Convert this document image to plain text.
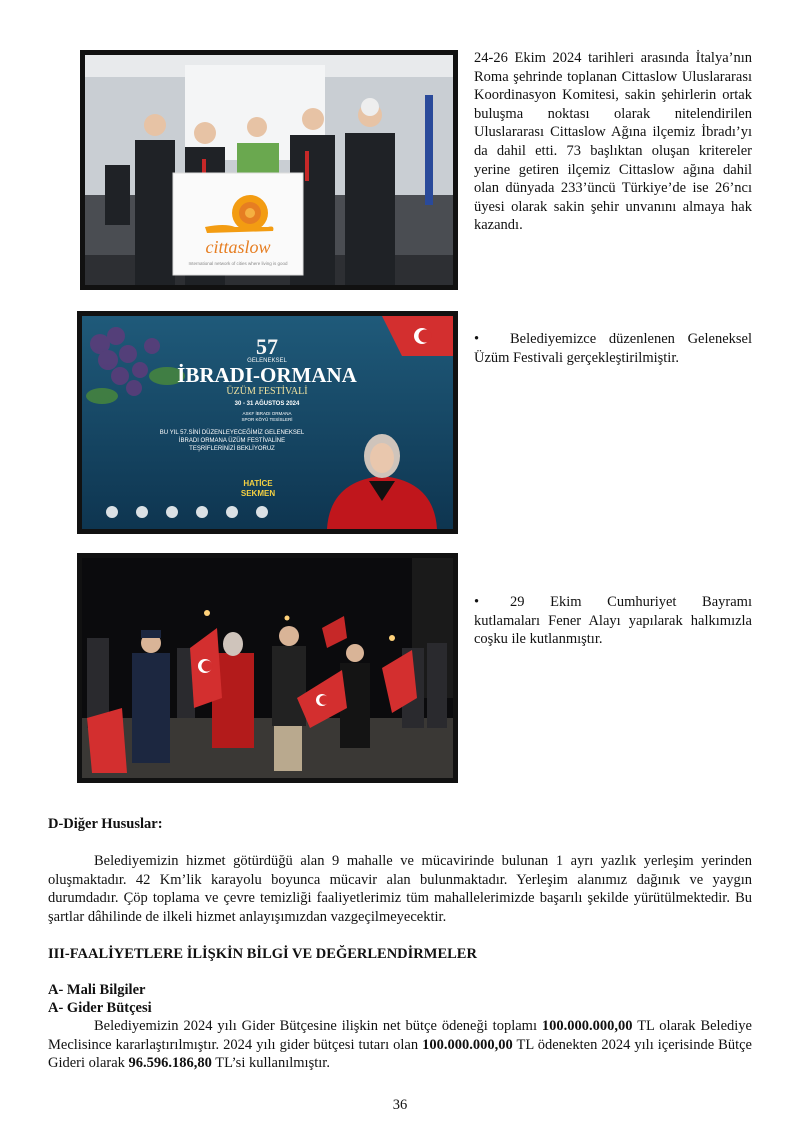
cittaslow
International network of cities where living is good
24-26 Ekim 2024 tarihleri arasında İtalya’nın Roma şehrinde toplanan Cittaslow Uluslararası Koordinasyon Komitesi, sakin şehirlerin ortak buluşma noktası olarak nitelendirilen Uluslararası Cittaslow Ağına ilçemiz İbradı’yı da dahil etti. 73 başlıktan oluşan kritereler yerine getiren ilçemiz Cittaslow ağına dahil olan dünyada 233’üncü Türkiye’de ise 26’ncı üyesi olarak sakin şehir unvanını almaya hak kazandı.
57
GELENEKSEL
İBRADI-ORMANA
ÜZÜM FESTİVALİ
30 - 31 AĞUSTOS 2024
ASKF İBRADI ORMANA
SPOR KÖYÜ TESİSLERİ
BU YIL 57.SİNİ DÜZENLEYECEĞİMİZ GELENEKSEL
İBRADI ORMANA ÜZÜM FESTİVALİNE
TEŞRİFLERİNİZİ BEKLİYORUZ
HATİCE
SEKMEN
• Belediyemizce düzenlenen Geleneksel Üzüm Festivali gerçekleştirilmiştir.
• 29 Ekim Cumhuriyet Bayramı kutlamaları Fener Alayı yapılarak halkımızla coşku ile kutlanmıştır.
D-Diğer Hususlar:
Belediyemizin hizmet götürdüğü alan 9 mahalle ve mücavirinde bulunan 1 ayrı yazlık yerleşim yerinden oluşmaktadır. 42 Km’lik karayolu boyunca mücavir alan bulunmaktadır. Yerleşim alanımız dağınık ve yaygın durumdadır. Çöp toplama ve çevre temizliği faaliyetlerimiz tüm mahallelerimizde başarılı şekilde yürütülmektedir. Bu şartlar dâhilinde de ilkeli hizmet anlayışımızdan vazgeçilmeyecektir.
III-FAALİYETLERE İLİŞKİN BİLGİ VE DEĞERLENDİRMELER
A- Mali Bilgiler
A- Gider Bütçesi
Belediyemizin 2024 yılı Gider Bütçesine ilişkin net bütçe ödeneği toplamı 100.000.000,00 TL olarak Belediye Meclisince kararlaştırılmıştır. 2024 yılı gider bütçesi tutarı olan 100.000.000,00 TL ödenekten 2024 yılı içerisinde Bütçe Gideri olarak 96.596.186,80 TL’si kullanılmıştır.
36
